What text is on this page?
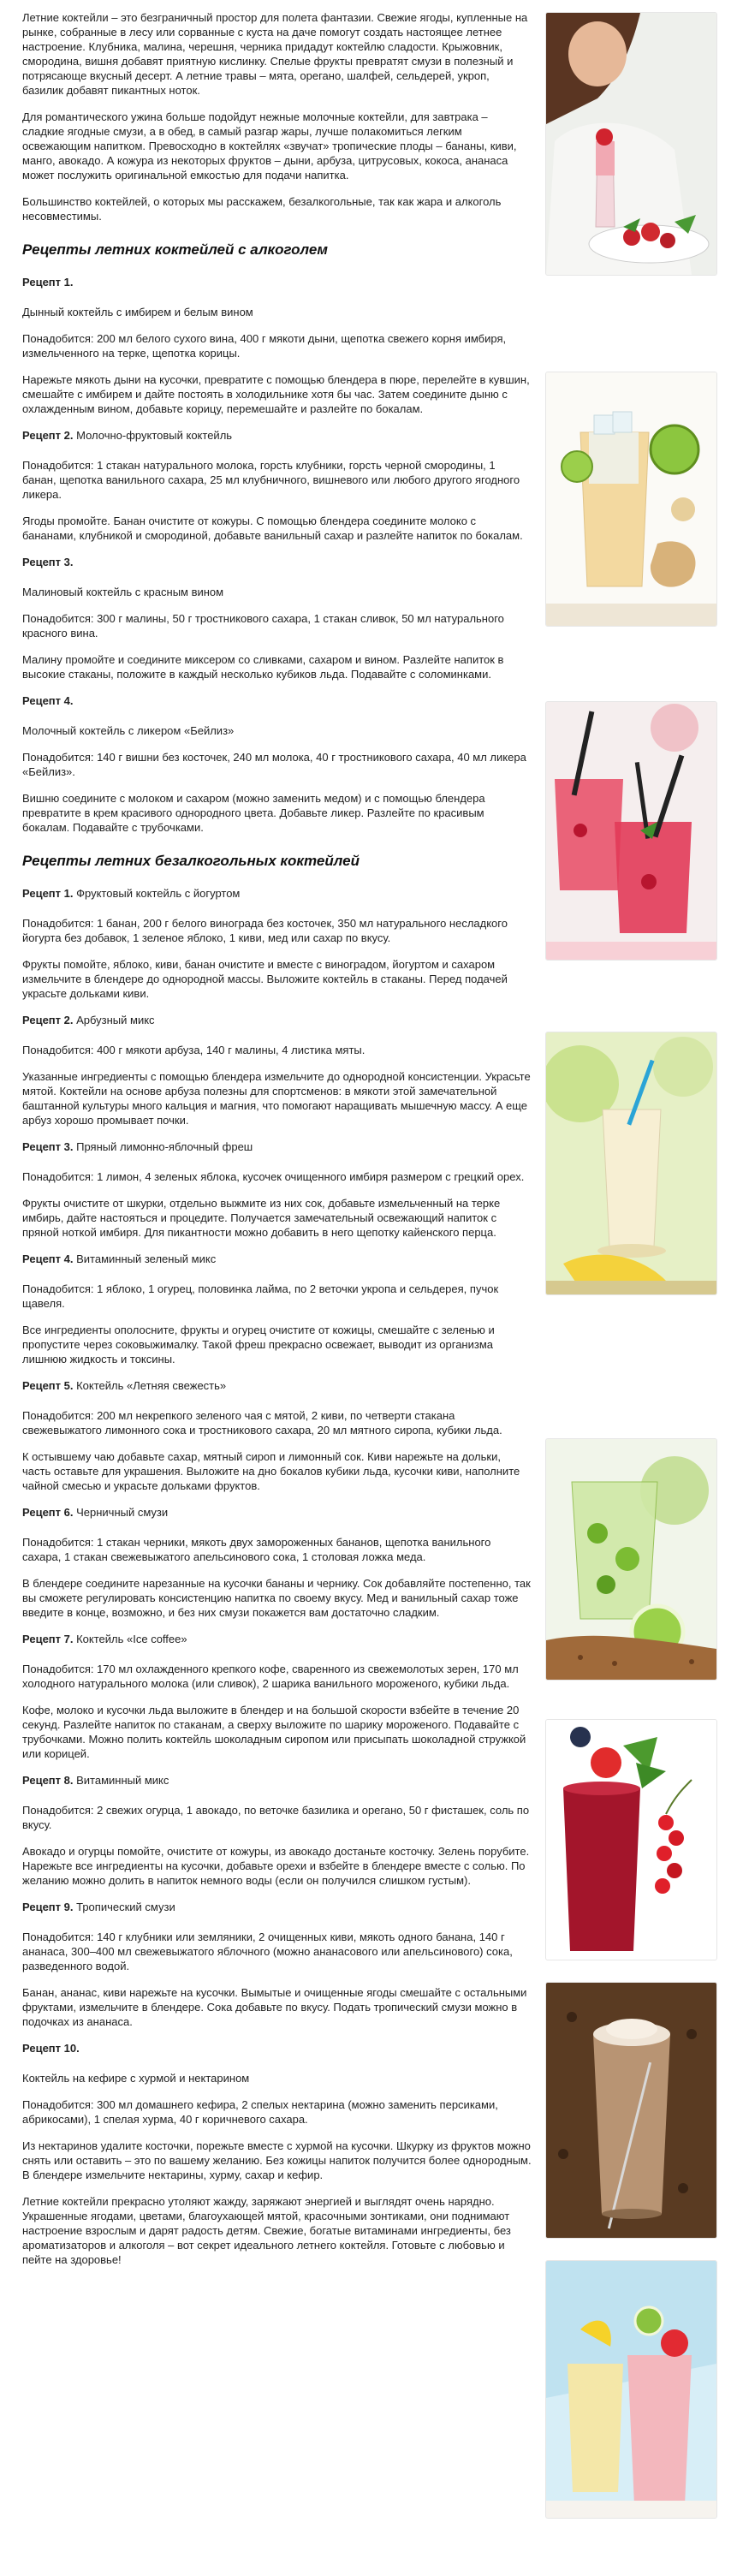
Летние коктейли – это безграничный простор для полета фантазии. Свежие ягоды, купленные на рынке, собранные в лесу или сорванные с куста на даче помогут создать настоящее летнее настроение. Клубника, малина, черешня, черника придадут коктейлю сладости. Крыжовник, смородина, вишня добавят приятную кислинку. Спелые фрукты превратят смузи в полезный и потрясающе вкусный десерт. А летние травы – мята, орегано, шалфей, сельдерей, укроп, базилик добавят пикантных ноток.

Для романтического ужина больше подойдут нежные молочные коктейли, для завтрака – сладкие ягодные смузи, а в обед, в самый разгар жары, лучше полакомиться легким освежающим напитком. Превосходно в коктейлях «звучат» тропические плоды – бананы, киви, манго, авокадо. А кожура из некоторых фруктов – дыни, арбуза, цитрусовых, кокоса, ананаса может послужить оригинальной емкостью для подачи напитка.

Большинство коктейлей, о которых мы расскажем, безалкогольные, так как жара и алкоголь несовместимы.

Рецепты летних коктейлей с алкоголем

Рецепт 1.

Дынный коктейль с имбирем и белым вином

Понадобится: 200 мл белого сухого вина, 400 г мякоти дыни, щепотка свежего корня имбиря, измельченного на терке, щепотка корицы.

Нарежьте мякоть дыни на кусочки, превратите с помощью блендера в пюре, перелейте в кувшин, смешайте с имбирем и дайте постоять в холодильнике хотя бы час. Затем соедините дыню с охлажденным вином, добавьте корицу, перемешайте и разлейте по бокалам.

Рецепт 2. Молочно-фруктовый коктейль

Понадобится: 1 стакан натурального молока, горсть клубники, горсть черной смородины, 1 банан, щепотка ванильного сахара, 25 мл клубничного, вишневого или любого другого ягодного ликера.

Ягоды промойте. Банан очистите от кожуры. С помощью блендера соедините молоко с бананами, клубникой и смородиной, добавьте ванильный сахар и разлейте напиток по бокалам.

Рецепт 3.

Малиновый коктейль с красным вином

Понадобится: 300 г малины, 50 г тростникового сахара, 1 стакан сливок, 50 мл натурального красного вина.

Малину промойте и соедините миксером со сливками, сахаром и вином. Разлейте напиток в высокие стаканы, положите в каждый несколько кубиков льда. Подавайте с соломинками.

Рецепт 4.

Молочный коктейль с ликером «Бейлиз»

Понадобится: 140 г вишни без косточек, 240 мл молока, 40 г тростникового сахара, 40 мл ликера «Бейлиз».

Вишню соедините с молоком и сахаром (можно заменить медом) и с помощью блендера превратите в крем красивого однородного цвета. Добавьте ликер. Разлейте по красивым бокалам. Подавайте с трубочками.

Рецепты летних безалкогольных коктейлей

Рецепт 1. Фруктовый коктейль с йогуртом

Понадобится: 1 банан, 200 г белого винограда без косточек, 350 мл натурального несладкого йогурта без добавок, 1 зеленое яблоко, 1 киви, мед или сахар по вкусу.

Фрукты помойте, яблоко, киви, банан очистите и вместе с виноградом, йогуртом и сахаром измельчите в блендере до однородной массы. Выложите коктейль в стаканы. Перед подачей украсьте дольками киви.

Рецепт 2. Арбузный микс

Понадобится: 400 г мякоти арбуза, 140 г малины, 4 листика мяты.

Указанные ингредиенты с помощью блендера измельчите до однородной консистенции. Украсьте мятой. Коктейли на основе арбуза полезны для спортсменов: в мякоти этой замечательной баштанной культуры много кальция и магния, что помогают наращивать мышечную массу. А еще арбуз хорошо промывает почки.

Рецепт 3. Пряный лимонно-яблочный фреш

Понадобится: 1 лимон, 4 зеленых яблока, кусочек очищенного имбиря размером с грецкий орех.

Фрукты очистите от шкурки, отдельно выжмите из них сок, добавьте измельченный на терке имбирь, дайте настояться и процедите. Получается замечательный освежающий напиток с пряной ноткой имбиря. Для пикантности можно добавить в него щепотку кайенского перца.

Рецепт 4. Витаминный зеленый микс

Понадобится: 1 яблоко, 1 огурец, половинка лайма, по 2 веточки укропа и сельдерея, пучок щавеля.

Все ингредиенты ополосните, фрукты и огурец очистите от кожицы, смешайте с зеленью и пропустите через соковыжималку. Такой фреш прекрасно освежает, выводит из организма лишнюю жидкость и токсины.

Рецепт 5. Коктейль «Летняя свежесть»

Понадобится: 200 мл некрепкого зеленого чая с мятой, 2 киви, по четверти стакана свежевыжатого лимонного сока и тростникового сахара, 20 мл мятного сиропа, кубики льда.

К остывшему чаю добавьте сахар, мятный сироп и лимонный сок. Киви нарежьте на дольки, часть оставьте для украшения. Выложите на дно бокалов кубики льда, кусочки киви, наполните чайной смесью и украсьте дольками фруктов.

Рецепт 6. Черничный смузи

Понадобится: 1 стакан черники, мякоть двух замороженных бананов, щепотка ванильного сахара, 1 стакан свежевыжатого апельсинового сока, 1 столовая ложка меда.

В блендере соедините нарезанные на кусочки бананы и чернику. Сок добавляйте постепенно, так вы сможете регулировать консистенцию напитка по своему вкусу. Мед и ванильный сахар тоже введите в конце, возможно, и без них смузи покажется вам достаточно сладким.

Рецепт 7. Коктейль «Ice coffee»

Понадобится: 170 мл охлажденного крепкого кофе, сваренного из свежемолотых зерен, 170 мл холодного натурального молока (или сливок), 2 шарика ванильного мороженого, кубики льда.

Кофе, молоко и кусочки льда выложите в блендер и на большой скорости взбейте в течение 20 секунд. Разлейте напиток по стаканам, а сверху выложите по шарику мороженого. Подавайте с трубочками. Можно полить коктейль шоколадным сиропом или присыпать шоколадной стружкой или корицей.

Рецепт 8. Витаминный микс

Понадобится: 2 свежих огурца, 1 авокадо, по веточке базилика и орегано, 50 г фисташек, соль по вкусу.

Авокадо и огурцы помойте, очистите от кожуры, из авокадо достаньте косточку. Зелень порубите. Нарежьте все ингредиенты на кусочки, добавьте орехи и взбейте в блендере вместе с солью. По желанию можно долить в напиток немного воды (если он получился слишком густым).

Рецепт 9. Тропический смузи

Понадобится: 140 г клубники или земляники, 2 очищенных киви, мякоть одного банана, 140 г ананаса, 300–400 мл свежевыжатого яблочного (можно ананасового или апельсинового) сока, разведенного водой.

Банан, ананас, киви нарежьте на кусочки. Вымытые и очищенные ягоды смешайте с остальными фруктами, измельчите в блендере. Сока добавьте по вкусу. Подать тропический смузи можно в подочках из ананаса.

Рецепт 10.

Коктейль на кефире с хурмой и нектарином

Понадобится: 300 мл домашнего кефира, 2 спелых нектарина (можно заменить персиками, абрикосами), 1 спелая хурма, 40 г коричневого сахара.

Из нектаринов удалите косточки, порежьте вместе с хурмой на кусочки. Шкурку из фруктов можно снять или оставить – это по вашему желанию. Без кожицы напиток получится более однородным. В блендере измельчите нектарины, хурму, сахар и кефир.

Летние коктейли прекрасно утоляют жажду, заряжают энергией и выглядят очень нарядно. Украшенные ягодами, цветами, благоухающей мятой, красочными зонтиками, они поднимают настроение взрослым и дарят радость детям. Свежие, богатые витаминами ингредиенты, без ароматизаторов и алкоголя – вот секрет идеального летнего коктейля. Готовьте с любовью и пейте на здоровье!
